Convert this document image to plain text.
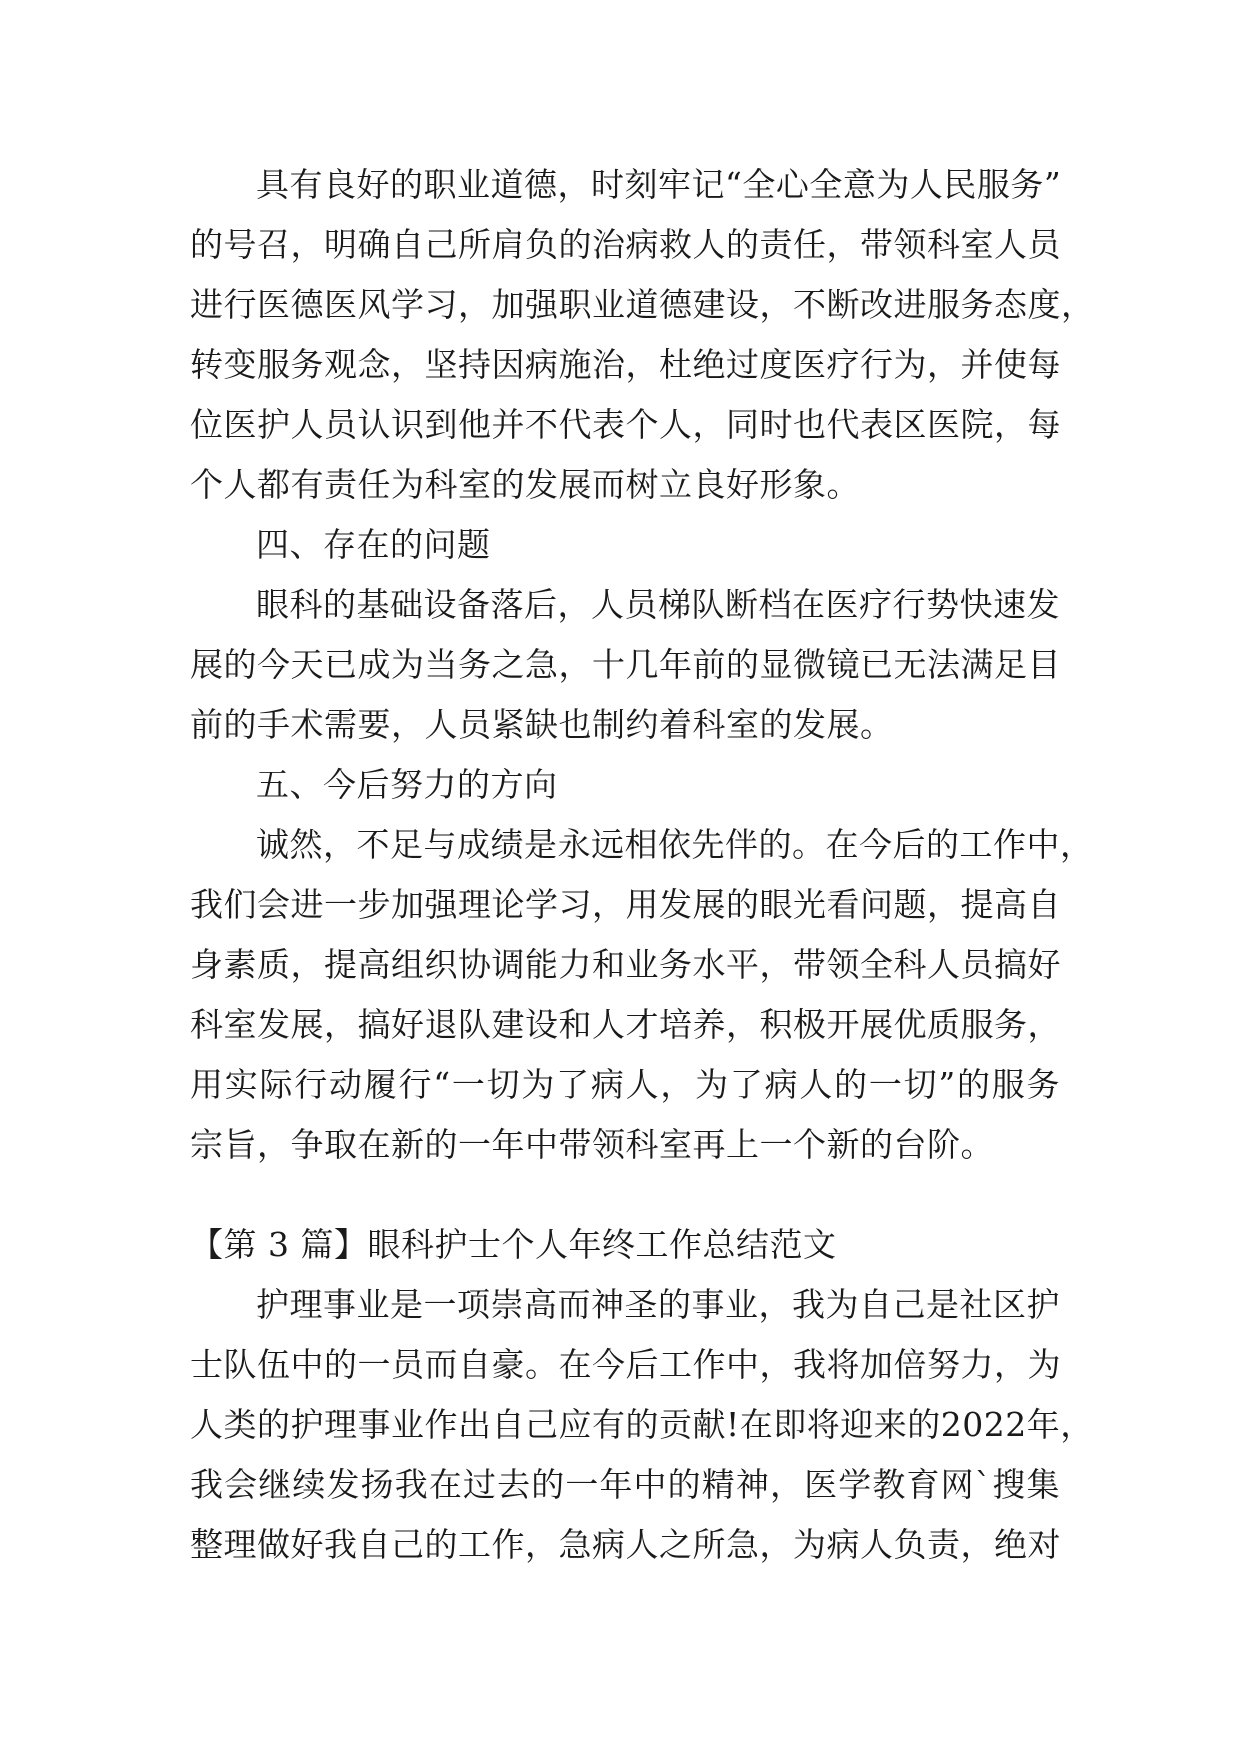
具有良好的职业道德，时刻牢记“全心全意为人民服务”
的号召，明确自己所肩负的治病救人的责任，带领科室人员
进行医德医风学习，加强职业道德建设，不断改进服务态度，
转变服务观念，坚持因病施治，杜绝过度医疗行为，并使每
位医护人员认识到他并不代表个人，同时也代表区医院，每
个人都有责任为科室的发展而树立良好形象。
四、存在的问题
眼科的基础设备落后，人员梯队断档在医疗行势快速发
展的今天已成为当务之急，十几年前的显微镜已无法满足目
前的手术需要，人员紧缺也制约着科室的发展。
五、今后努力的方向
诚然，不足与成绩是永远相依先伴的。在今后的工作中，
我们会进一步加强理论学习，用发展的眼光看问题，提高自
身素质，提高组织协调能力和业务水平，带领全科人员搞好
科室发展，搞好退队建设和人才培养，积极开展优质服务，
用实际行动履行“一切为了病人，为了病人的一切”的服务
宗旨，争取在新的一年中带领科室再上一个新的台阶。
【第 3 篇】眼科护士个人年终工作总结范文
护理事业是一项崇高而神圣的事业，我为自己是社区护
士队伍中的一员而自豪。在今后工作中，我将加倍努力，为
人类的护理事业作出自己应有的贡献!在即将迎来的2022年，
我会继续发扬我在过去的一年中的精神，医学教育网`搜集
整理做好我自己的工作，急病人之所急，为病人负责，绝对
